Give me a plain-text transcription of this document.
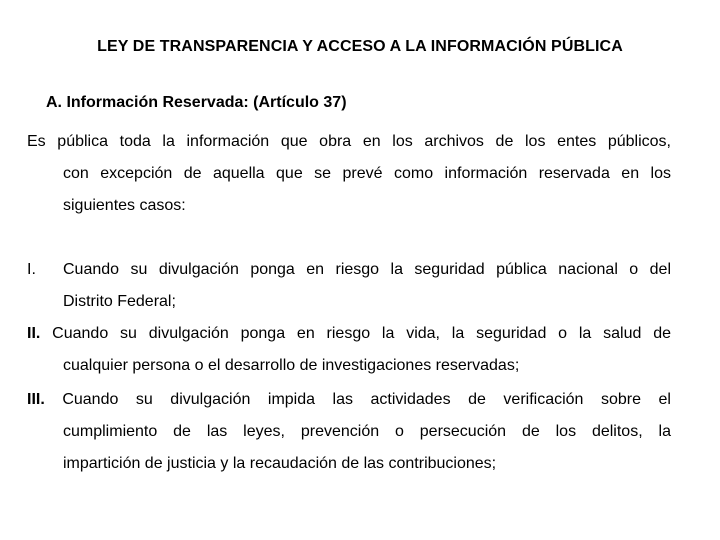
LEY DE TRANSPARENCIA Y ACCESO A LA INFORMACIÓN PÚBLICA
A. Información Reservada: (Artículo 37)
Es pública toda la información que obra en los archivos de los entes públicos,
con excepción de aquella que se prevé como información reservada en los
siguientes casos:
I.	Cuando su divulgación ponga en riesgo la seguridad pública nacional o del
Distrito Federal;
II. Cuando su divulgación ponga en riesgo la vida, la seguridad o la salud de
cualquier persona o el desarrollo de investigaciones reservadas;
III. Cuando su divulgación impida las actividades de verificación sobre el
cumplimiento de las leyes, prevención o persecución de los delitos, la
impartición de justicia y la recaudación de las contribuciones;
